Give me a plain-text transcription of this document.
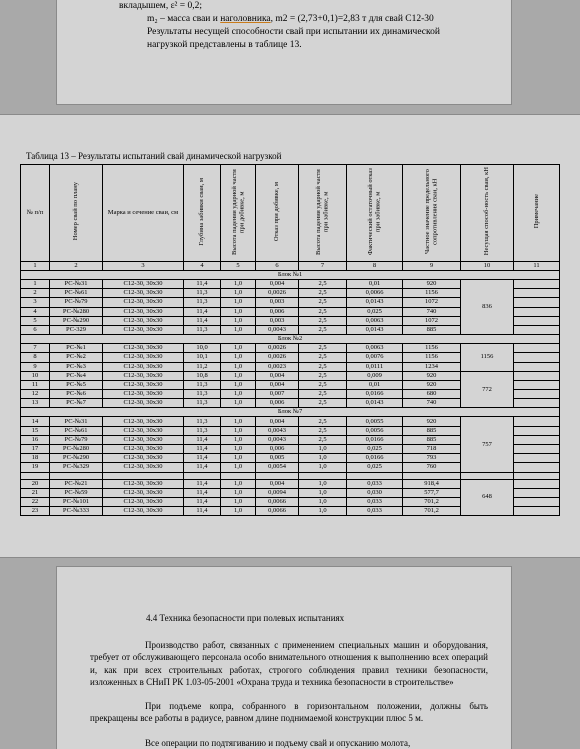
вкладышем, ε² = 0,2;
m₂ – масса сваи и наголовника, m2 = (2,73+0,1)=2,83 т для свай С12-30
Результаты несущей способности свай при испытании их динамической
нагрузкой представлены в таблице 13.
Таблица 13 – Результаты испытаний свай динамической нагрузкой
№ п/п	Номер свай по плану	Марка и сечение сваи, см	Глубина забивки сваи, м	Высота падения ударной части при добивке, м	Отказ при добивке, м	Высота падения ударной части при забивке, м	Фактический остаточный отказ при забивке, м	Частное значение предельного сопротивления сваи, кН	Несущая способ-ность сваи, кН	Примечание
1	2	3	4	5	6	7	8	9	10	11
Блок №1										
1	РС-№31	С12-30, 30х30	11,4	1,0	0,004	2,5	0,01	920	836	
2	РС-№61	С12-30, 30х30	11,3	1,0	0,0026	2,5	0,0066	1156		
3	РС-№79	С12-30, 30х30	11,3	1,0	0,003	2,5	0,0143	1072		
4	РС-№280	С12-30, 30х30	11,4	1,0	0,006	2,5	0,025	740		
5	РС-№290	С12-30, 30х30	11,4	1,0	0,003	2,5	0,0063	1072		
6	РС-329	С12-30, 30х30	11,3	1,0	0,0043	2,5	0,0143	885		
Блок №2										
7	РС-№1	С12-30, 30х30	10,0	1,0	0,0026	2,5	0,0063	1156	1156	
8	РС-№2	С12-30, 30х30	10,1	1,0	0,0026	2,5	0,0076	1156		
9	РС-№3	С12-30, 30х30	11,2	1,0	0,0023	2,5	0,0111	1234		
10	РС-№4	С12-30, 30х30	10,8	1,0	0,004	2,5	0,009	920	772	
11	РС-№5	С12-30, 30х30	11,3	1,0	0,004	2,5	0,01	920		
12	РС-№6	С12-30, 30х30	11,3	1,0	0,007	2,5	0,0166	680		
13	РС-№7	С12-30, 30х30	11,3	1,0	0,006	2,5	0,0143	740		
Блок №7										
14	РС-№31	С12-30, 30х30	11,3	1,0	0,004	2,5	0,0055	920	757	
15	РС-№61	С12-30, 30х30	11,3	1,0	0,0043	2,5	0,0056	885		
16	РС-№79	С12-30, 30х30	11,4	1,0	0,0043	2,5	0,0166	885		
17	РС-№280	С12-30, 30х30	11,4	1,0	0,006	1,0	0,025	718		
18	РС-№290	С12-30, 30х30	11,4	1,0	0,005	1,0	0,0166	793		
19	РС-№329	С12-30, 30х30	11,4	1,0	0,0054	1,0	0,025	760		

20	РС-№21	С12-30, 30х30	11,4	1,0	0,004	1,0	0,033	918,4	648	
21	РС-№59	С12-30, 30х30	11,4	1,0	0,0094	1,0	0,030	577,7		
22	РС-№101	С12-30, 30х30	11,4	1,0	0,0066	1,0	0,033	701,2		
23	РС-№333	С12-30, 30х30	11,4	1,0	0,0066	1,0	0,033	701,2		
4.4 Техника безопасности при полевых испытаниях
Производство работ, связанных с применением специальных машин и оборудования, требует от обслуживающего персонала особо внимательного отношения к выполнению всех операций и, как при всех строительных работах, строгого соблюдения правил техники безопасности, изложенных в СНиП РК 1.03-05-2001 «Охрана труда и техника безопасности в строительстве»
При подъеме копра, собранного в горизонтальном положении, должны быть прекращены все работы в радиусе, равном длине поднимаемой конструкции плюс 5 м.
Все операции по подтягиванию и подъему свай и опусканию молота,
